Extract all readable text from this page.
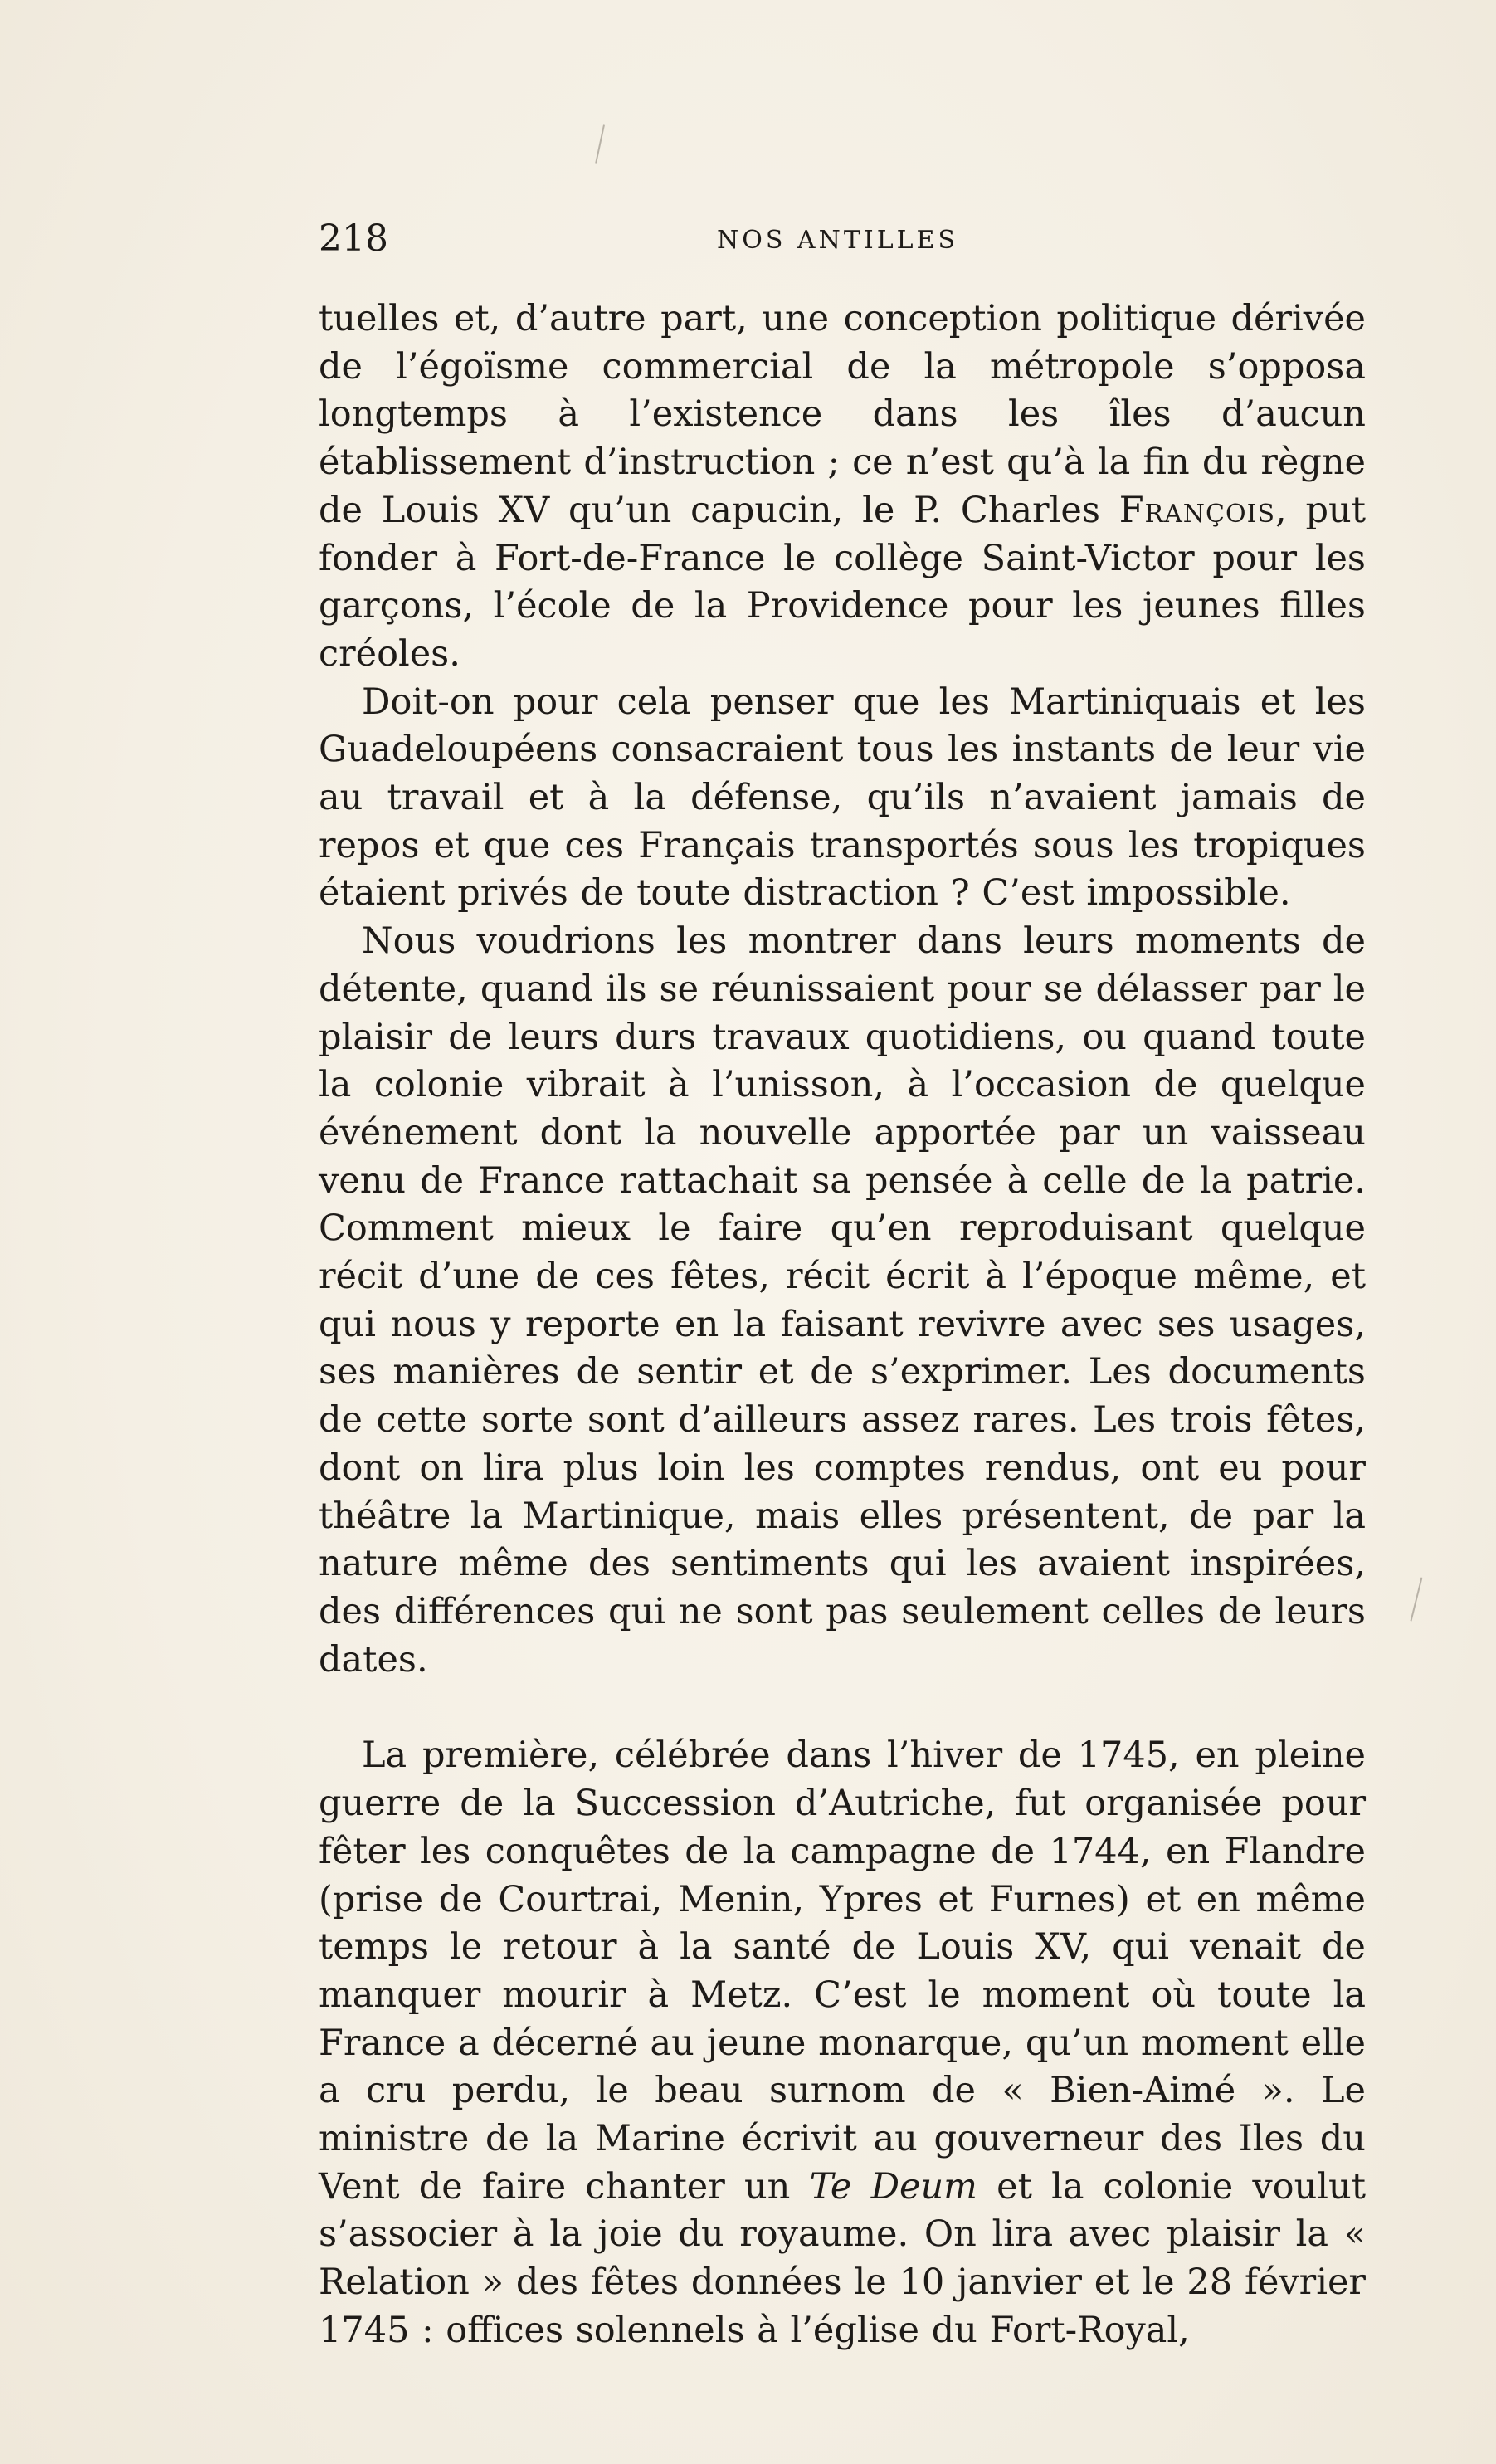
218	NOS ANTILLES

tuelles et, d’autre part, une conception politique dérivée de l’égoïsme commercial de la métropole s’opposa longtemps à l’existence dans les îles d’aucun établissement d’instruction ; ce n’est qu’à la fin du règne de Louis XV qu’un capucin, le P. Charles François, put fonder à Fort-de-France le collège Saint-Victor pour les garçons, l’école de la Providence pour les jeunes filles créoles.

Doit-on pour cela penser que les Martiniquais et les Guadeloupéens consacraient tous les instants de leur vie au travail et à la défense, qu’ils n’avaient jamais de repos et que ces Français transportés sous les tropiques étaient privés de toute distraction ? C’est impossible.

Nous voudrions les montrer dans leurs moments de détente, quand ils se réunissaient pour se délasser par le plaisir de leurs durs travaux quotidiens, ou quand toute la colonie vibrait à l’unisson, à l’occasion de quelque événement dont la nouvelle apportée par un vaisseau venu de France rattachait sa pensée à celle de la patrie. Comment mieux le faire qu’en reproduisant quelque récit d’une de ces fêtes, récit écrit à l’époque même, et qui nous y reporte en la faisant revivre avec ses usages, ses manières de sentir et de s’exprimer. Les documents de cette sorte sont d’ailleurs assez rares. Les trois fêtes, dont on lira plus loin les comptes rendus, ont eu pour théâtre la Martinique, mais elles présentent, de par la nature même des sentiments qui les avaient inspirées, des différences qui ne sont pas seulement celles de leurs dates.

La première, célébrée dans l’hiver de 1745, en pleine guerre de la Succession d’Autriche, fut organisée pour fêter les conquêtes de la campagne de 1744, en Flandre (prise de Courtrai, Menin, Ypres et Furnes) et en même temps le retour à la santé de Louis XV, qui venait de manquer mourir à Metz. C’est le moment où toute la France a décerné au jeune monarque, qu’un moment elle a cru perdu, le beau surnom de « Bien-Aimé ». Le ministre de la Marine écrivit au gouverneur des Iles du Vent de faire chanter un Te Deum et la colonie voulut s’associer à la joie du royaume. On lira avec plaisir la « Relation » des fêtes données le 10 janvier et le 28 février 1745 : offices solennels à l’église du Fort-Royal,
